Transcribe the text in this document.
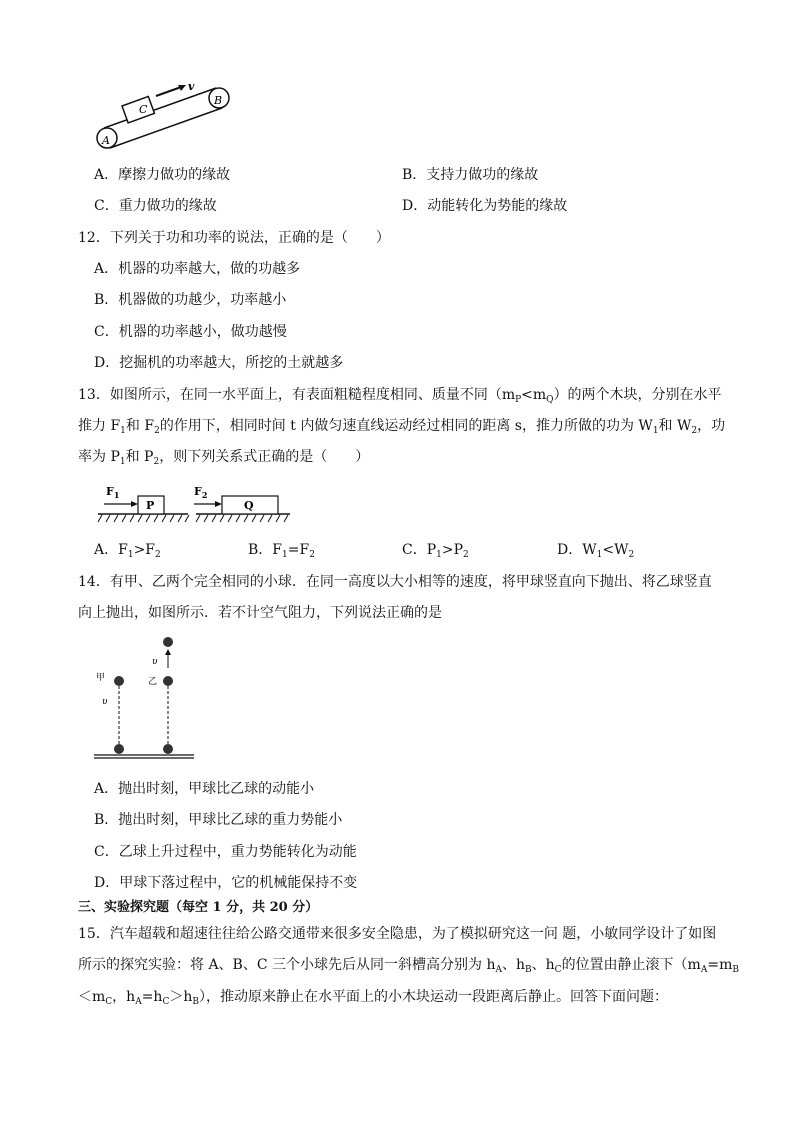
A
B
C
v
A．摩擦力做功的缘故	B．支持力做功的缘故
C．重力做功的缘故	D．动能转化为势能的缘故
12．下列关于功和功率的说法，正确的是（　　）
A．机器的功率越大，做的功越多
B．机器做的功越少，功率越小
C．机器的功率越小，做功越慢
D．挖掘机的功率越大，所挖的土就越多
13．如图所示，在同一水平面上，有表面粗糙程度相同、质量不同$(m_P<m_Q)$的两个木块，分别在水平
推力 $F_1$和 $F_2$的作用下，相同时间 t 内做匀速直线运动经过相同的距离 s，推力所做的功为 $W_1$和 $W_2$，功
率为 $P_1$和 $P_2$，则下列关系式正确的是（　　）
P
$F_1$
Q
$F_2$
A．$F_1>F_2$	B．$F_1=F_2$	C．$P_1>P_2$	D．$W_1<W_2$
14．有甲、乙两个完全相同的小球．在同一高度以大小相等的速度，将甲球竖直向下抛出、将乙球竖直
向上抛出，如图所示．若不计空气阻力，下列说法正确的是
甲
υ
乙
υ
A．抛出时刻，甲球比乙球的动能小
B．抛出时刻，甲球比乙球的重力势能小
C．乙球上升过程中，重力势能转化为动能
D．甲球下落过程中，它的机械能保持不变
三、实验探究题（每空 1 分，共 20 分）
15．汽车超载和超速往往给公路交通带来很多安全隐患，为了模拟研究这一问 题，小敏同学设计了如图
所示的探究实验：将 A、B、C 三个小球先后从同一斜槽高分别为 $h_A$、$h_B$、$h_C$的位置由静止滚下（$m_A=m_B$
$<m_C$，$h_A=h_C>h_B$），推动原来静止在水平面上的小木块运动一段距离后静止。回答下面问题：
